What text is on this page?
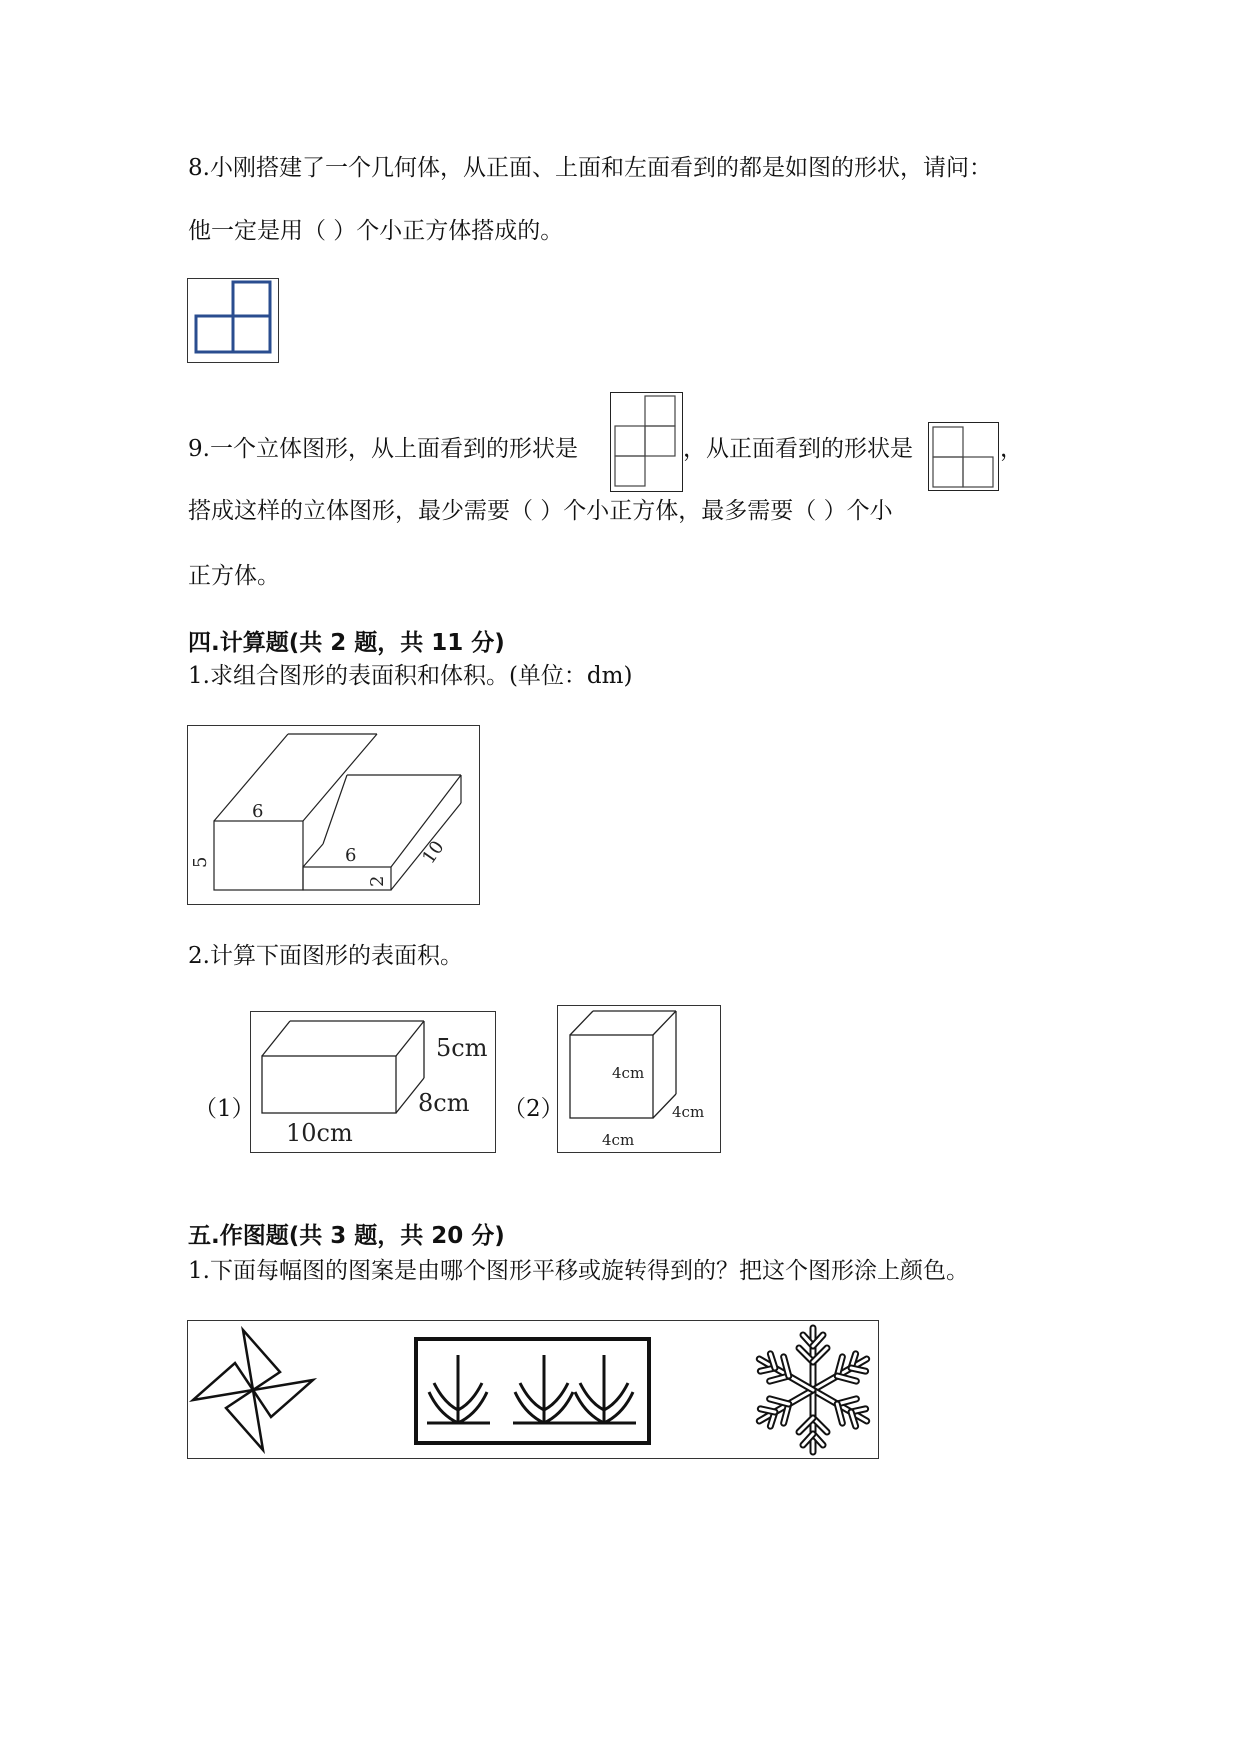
8.小刚搭建了一个几何体，从正面、上面和左面看到的都是如图的形状，请问：
他一定是用（ ）个小正方体搭成的。
9.一个立体图形，从上面看到的形状是	，从正面看到的形状是	，
搭成这样的立体图形，最少需要（ ）个小正方体，最多需要（ ）个小
正方体。
四.计算题(共 2 题，共 11 分)
1.求组合图形的表面积和体积。(单位：dm)
6
5	6
2
10
2.计算下面图形的表面积。
（1）
5cm
8cm
10cm
（2）
4cm
4cm
4cm
五.作图题(共 3 题，共 20 分)
1.下面每幅图的图案是由哪个图形平移或旋转得到的？把这个图形涂上颜色。
